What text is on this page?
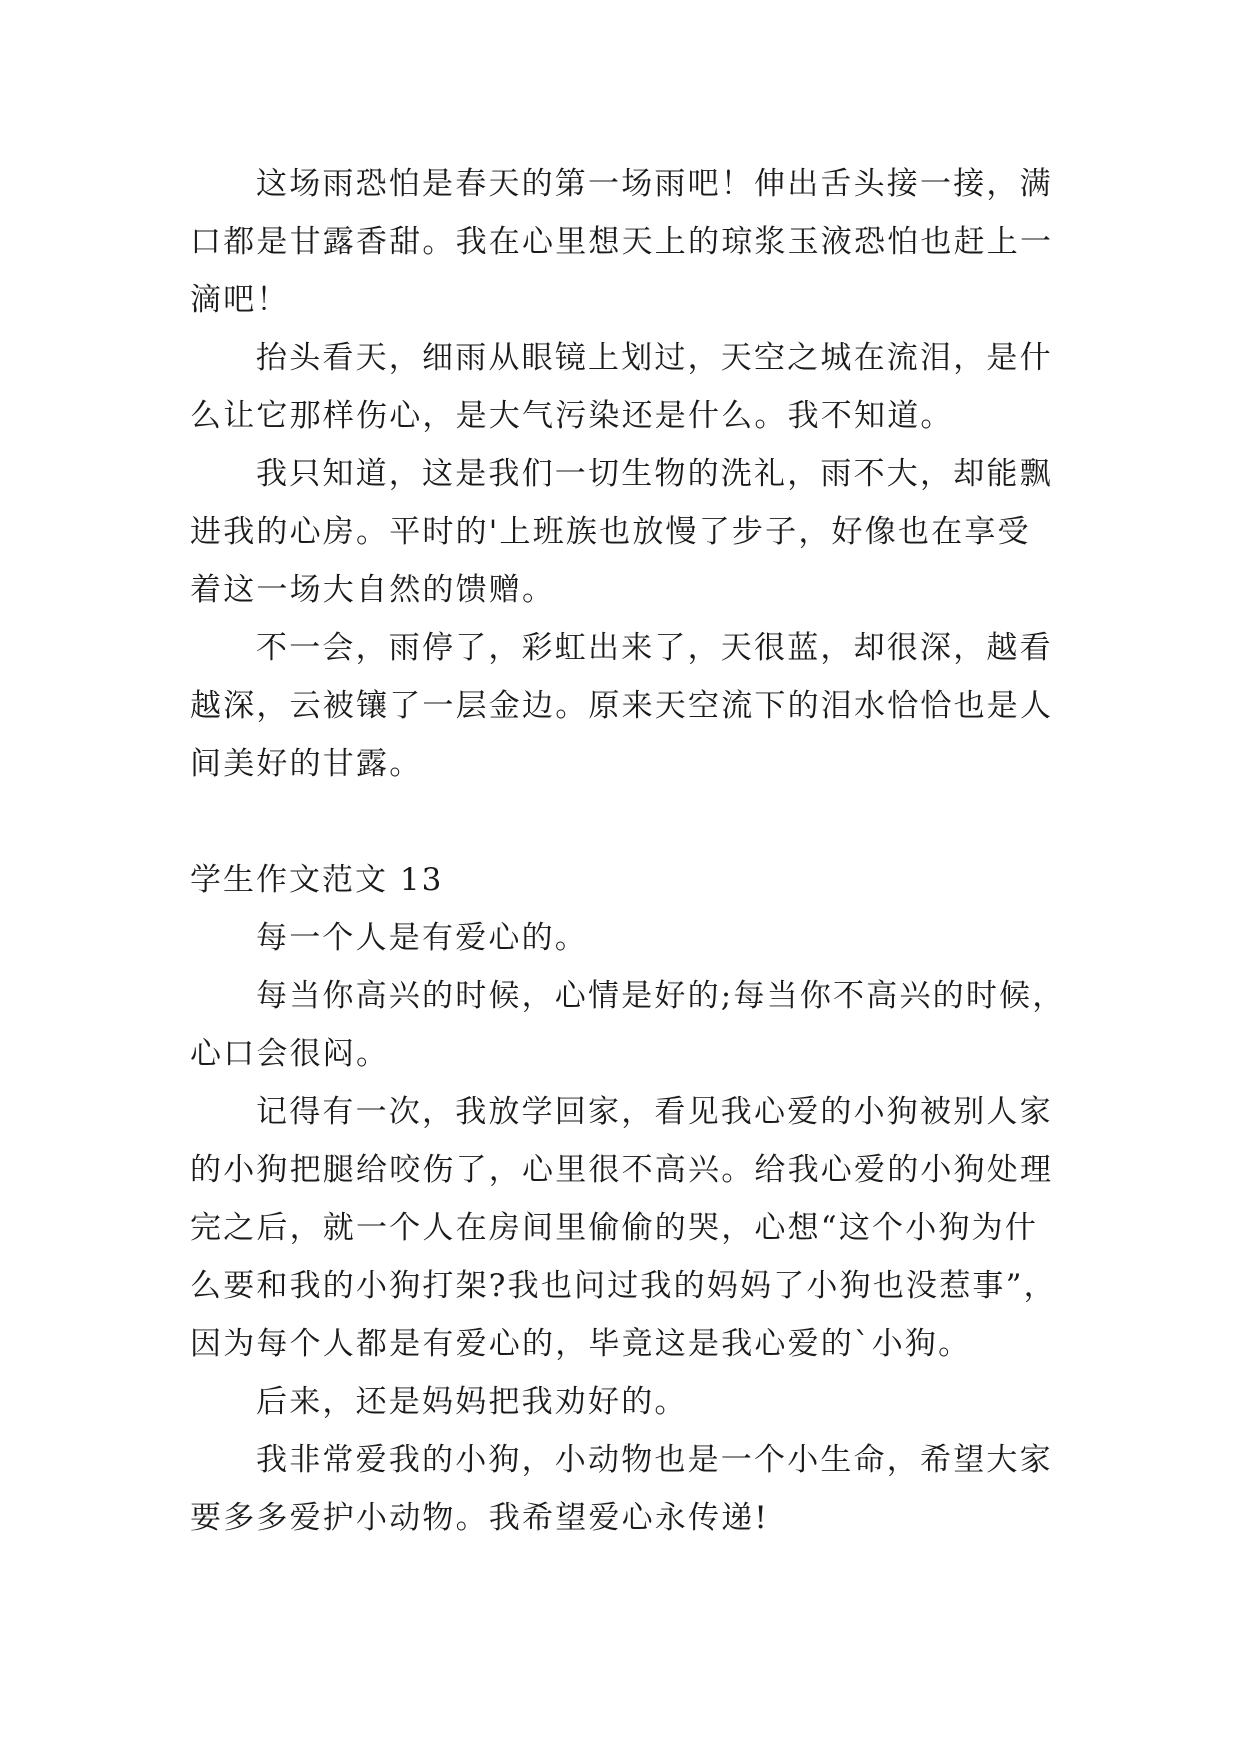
这场雨恐怕是春天的第一场雨吧！伸出舌头接一接，满
口都是甘露香甜。我在心里想天上的琼浆玉液恐怕也赶上一
滴吧！
抬头看天，细雨从眼镜上划过，天空之城在流泪，是什
么让它那样伤心，是大气污染还是什么。我不知道。
我只知道，这是我们一切生物的洗礼，雨不大，却能飘
进我的心房。平时的'上班族也放慢了步子，好像也在享受
着这一场大自然的馈赠。
不一会，雨停了，彩虹出来了，天很蓝，却很深，越看
越深，云被镶了一层金边。原来天空流下的泪水恰恰也是人
间美好的甘露。
学生作文范文 13
每一个人是有爱心的。
每当你高兴的时候，心情是好的;每当你不高兴的时候，
心口会很闷。
记得有一次，我放学回家，看见我心爱的小狗被别人家
的小狗把腿给咬伤了，心里很不高兴。给我心爱的小狗处理
完之后，就一个人在房间里偷偷的哭，心想“这个小狗为什
么要和我的小狗打架?我也问过我的妈妈了小狗也没惹事”，
因为每个人都是有爱心的，毕竟这是我心爱的`小狗。
后来，还是妈妈把我劝好的。
我非常爱我的小狗，小动物也是一个小生命，希望大家
要多多爱护小动物。我希望爱心永传递!
